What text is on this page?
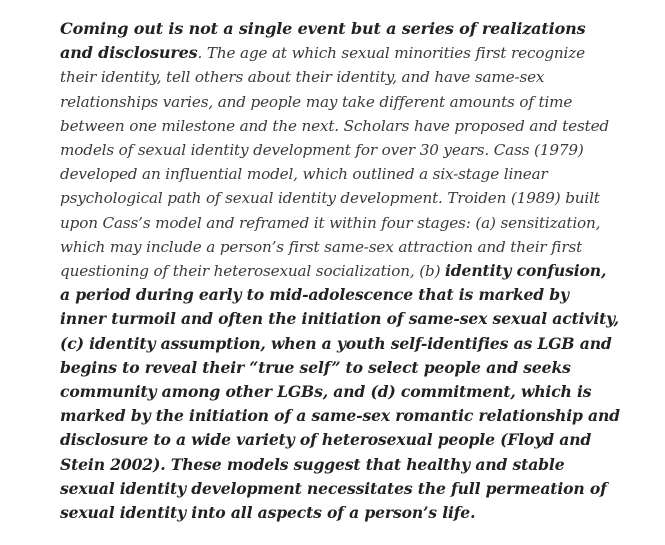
Coming out is not a single event but a series of realizations and disclosures. The age at which sexual minorities first recognize their identity, tell others about their identity, and have same-sex relationships varies, and people may take different amounts of time between one milestone and the next. Scholars have proposed and tested models of sexual identity development for over 30 years. Cass (1979) developed an influential model, which outlined a six-stage linear psychological path of sexual identity development. Troiden (1989) built upon Cass’s model and reframed it within four stages: (a) sensitization, which may include a person’s first same-sex attraction and their first questioning of their heterosexual socialization, (b) identity confusion, a period during early to mid-adolescence that is marked by inner turmoil and often the initiation of same-sex sexual activity, (c) identity assumption, when a youth self-identifies as LGB and begins to reveal their “true self” to select people and seeks community among other LGBs, and (d) commitment, which is marked by the initiation of a same-sex romantic relationship and disclosure to a wide variety of heterosexual people (Floyd and Stein 2002). These models suggest that healthy and stable sexual identity development necessitates the full permeation of sexual identity into all aspects of a person’s life.
